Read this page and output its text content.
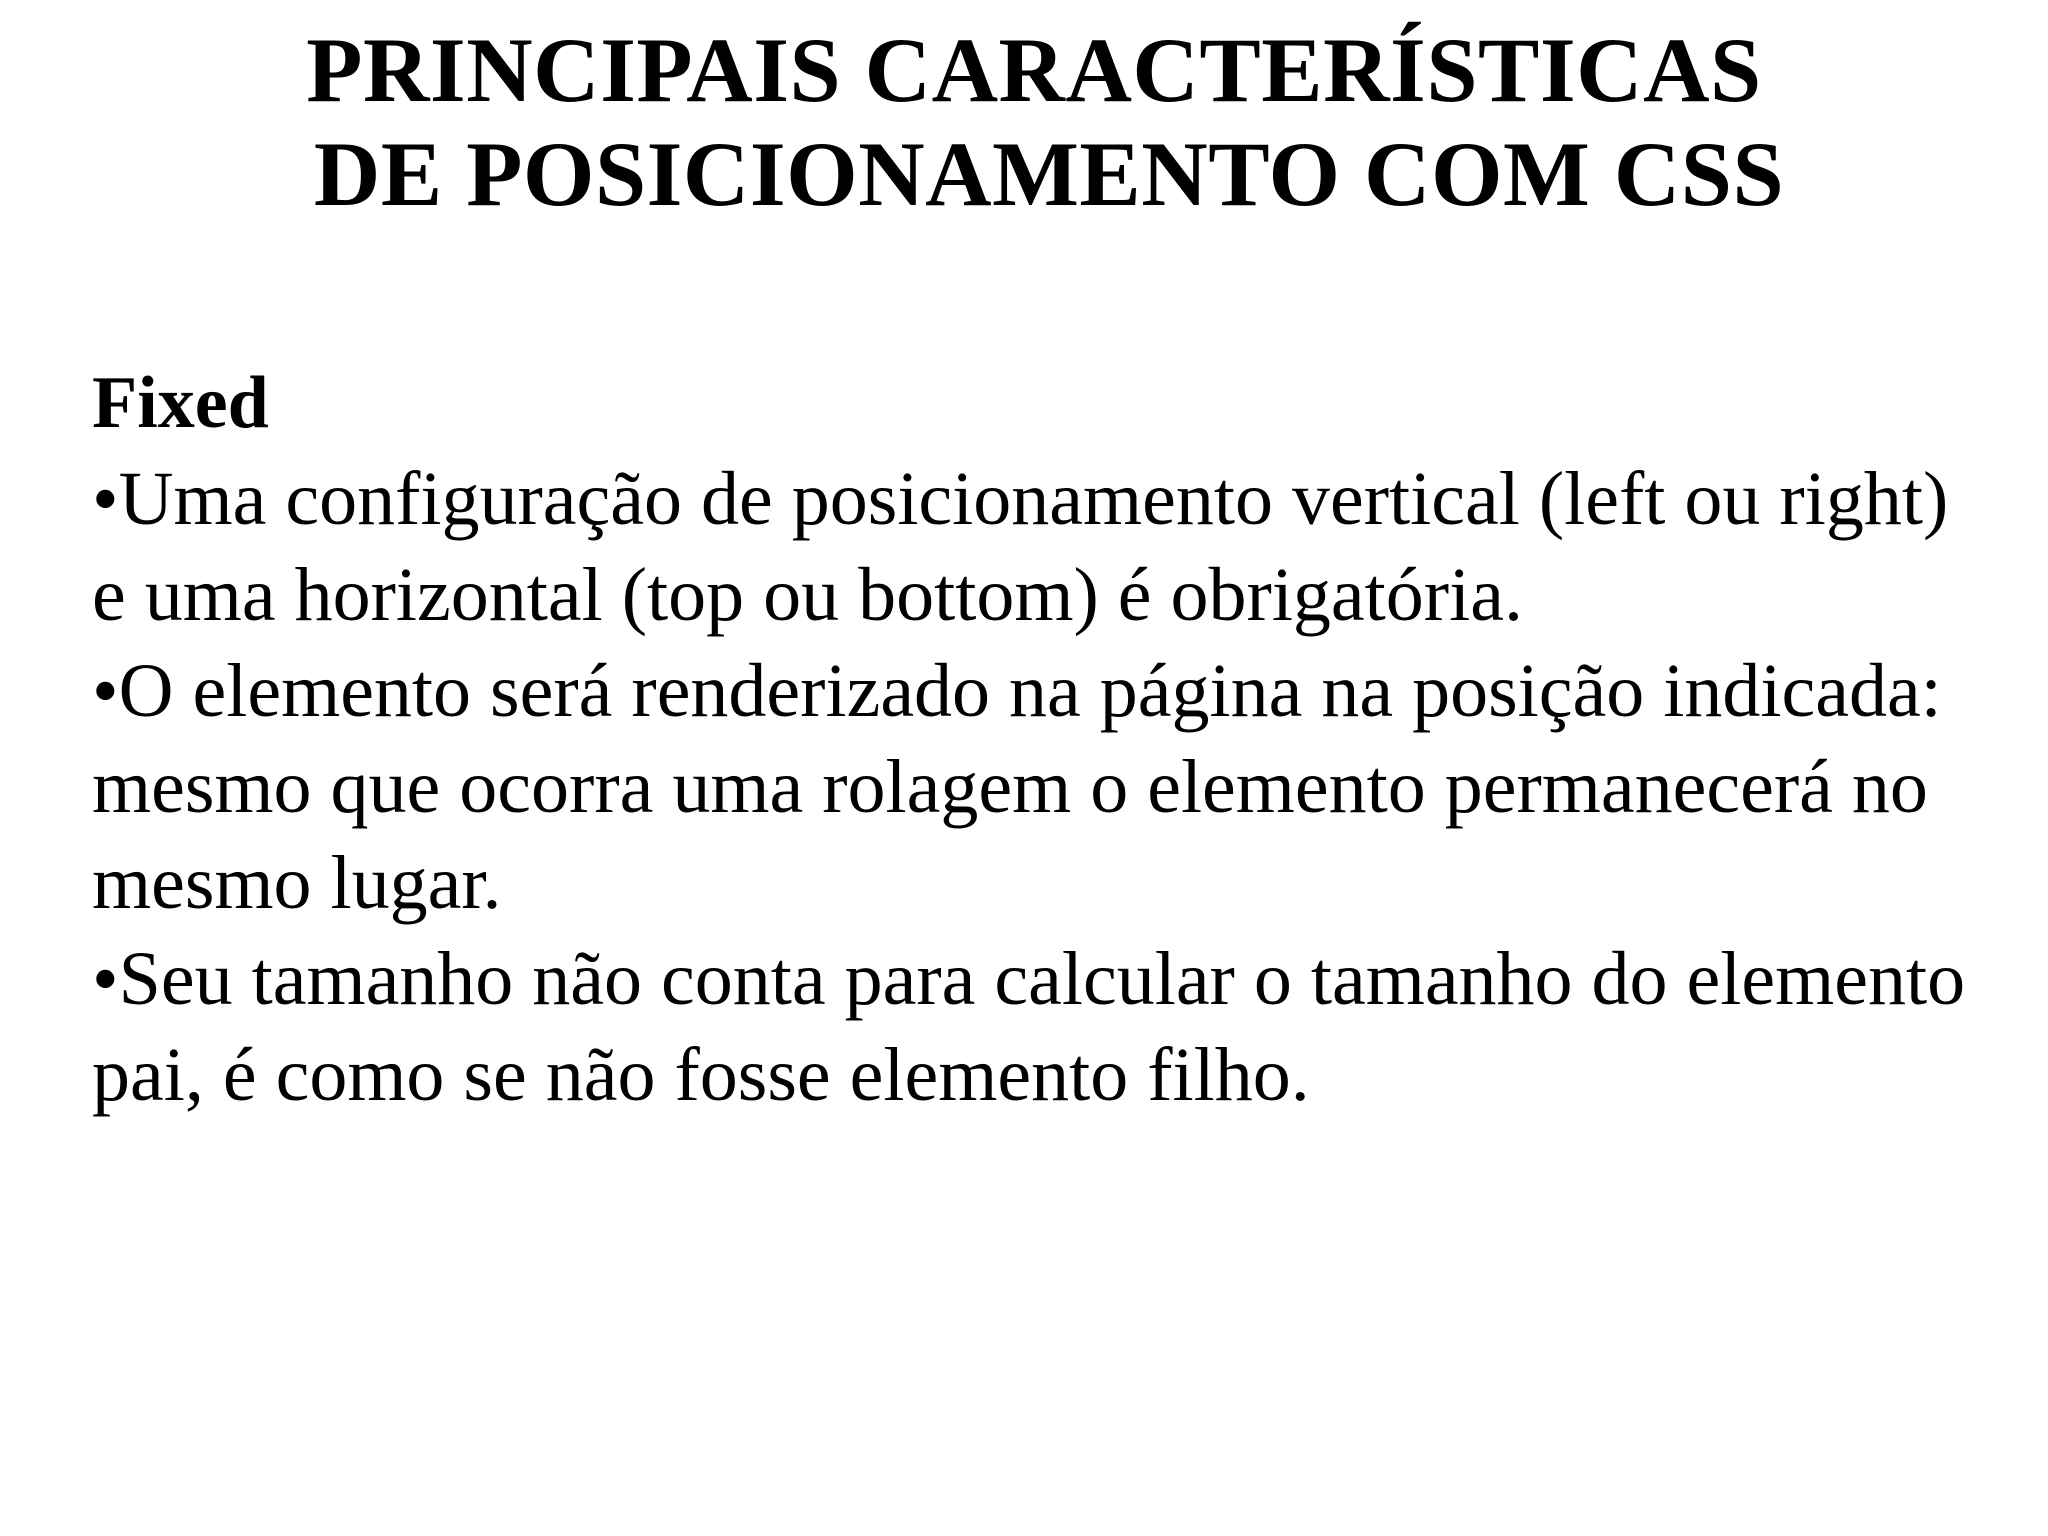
PRINCIPAIS CARACTERÍSTICAS
DE POSICIONAMENTO COM CSS
Fixed

•Uma configuração de posicionamento vertical (left ou right) e uma horizontal (top ou bottom) é obrigatória.

•O elemento será renderizado na página na posição indicada: mesmo que ocorra uma rolagem o elemento permanecerá no mesmo lugar.

•Seu tamanho não conta para calcular o tamanho do elemento pai, é como se não fosse elemento filho.
